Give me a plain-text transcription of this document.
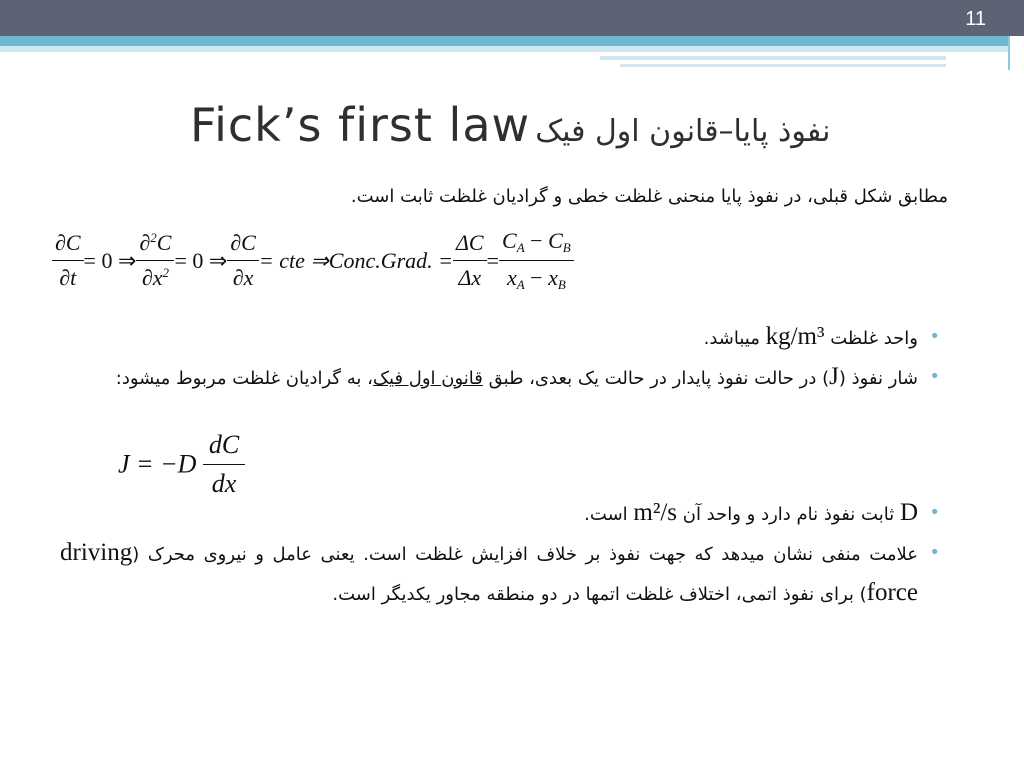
11
Fick’s first law نفوذ پایا–قانون اول فیک
مطابق شکل قبلی، در نفوذ پایا منحنی غلظت خطی و گرادیان غلظت ثابت است.
$\frac{\partial C}{\partial t}$	= 0 ⇒	$\frac{\partial^2C}{\partial x^2}$	= 0 ⇒	$\frac{\partial C}{\partial x}$	= cte ⇒	Conc.Grad. =	$\frac{\Delta C}{\Delta x}$	=	$\frac{C_A - C_B}{x_A - x_B}$
•
واحد غلظت kg/m³ میباشد.
•
شار نفوذ (J) در حالت نفوذ پایدار در حالت یک بعدی، طبق قانون اول فیک، به گرادیان غلظت مربوط میشود:
$J = -D \frac{dC}{dx}$
•
D ثابت نفوذ نام دارد و واحد آن m²/s است.
•
علامت منفی نشان میدهد که جهت نفوذ بر خلاف افزایش غلظت است. یعنی عامل و نیروی محرک (driving force) برای نفوذ اتمی، اختلاف غلظت اتمها در دو منطقه مجاور یکدیگر است.
